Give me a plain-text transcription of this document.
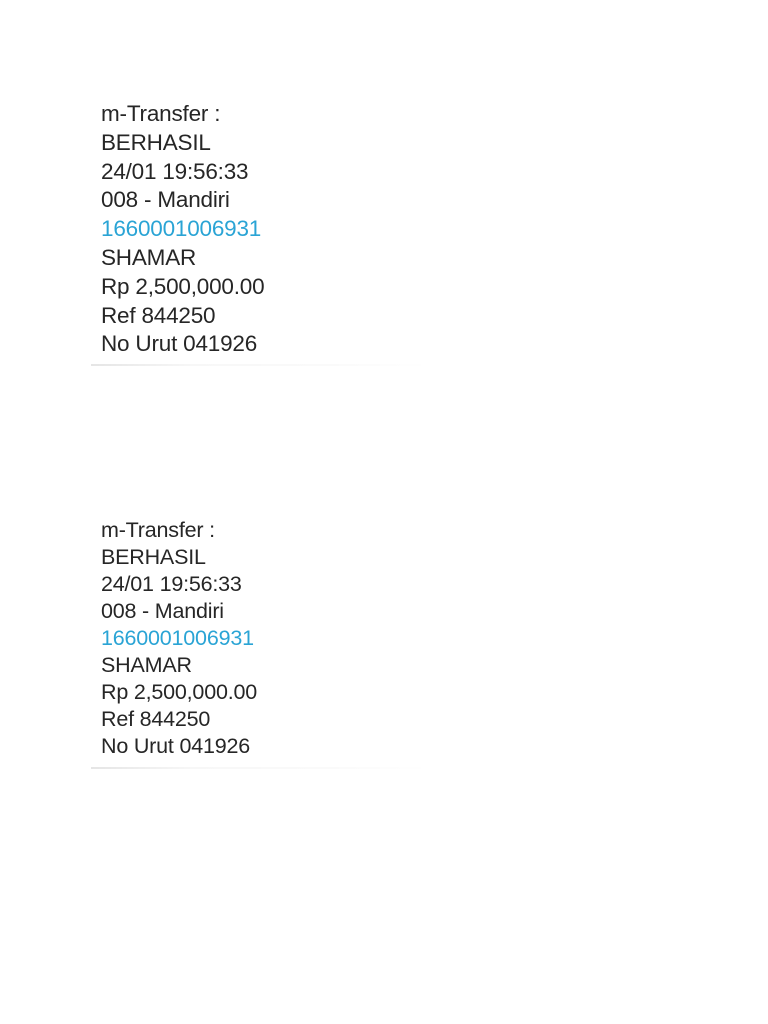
m-Transfer :
BERHASIL
24/01 19:56:33
008 - Mandiri
1660001006931
SHAMAR
Rp 2,500,000.00
Ref 844250
No Urut 041926
m-Transfer :
BERHASIL
24/01 19:56:33
008 - Mandiri
1660001006931
SHAMAR
Rp 2,500,000.00
Ref 844250
No Urut 041926
